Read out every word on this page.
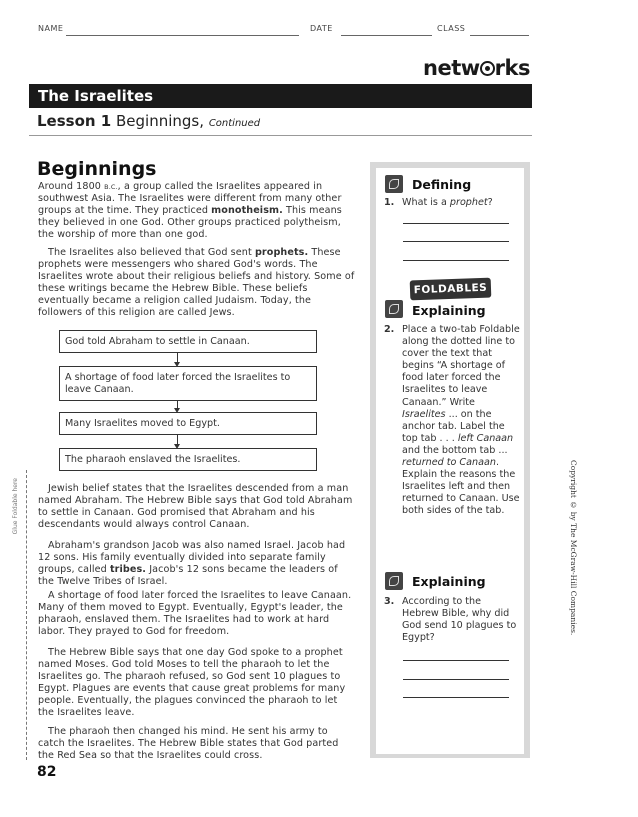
NAME	DATE	CLASS
netw rks
The Israelites
Lesson 1 Beginnings, Continued
Beginnings
Around 1800 B.C., a group called the Israelites appeared in southwest Asia. The Israelites were different from many other groups at the time. They practiced monotheism. This means they believed in one God. Other groups practiced polytheism, the worship of more than one god.
The Israelites also believed that God sent prophets. These prophets were messengers who shared God's words. The Israelites wrote about their religious beliefs and history. Some of these writings became the Hebrew Bible. These beliefs eventually became a religion called Judaism. Today, the followers of this religion are called Jews.
God told Abraham to settle in Canaan.
A shortage of food later forced the Israelites to leave Canaan.
Many Israelites moved to Egypt.
The pharaoh enslaved the Israelites.
Jewish belief states that the Israelites descended from a man named Abraham. The Hebrew Bible says that God told Abraham to settle in Canaan. God promised that Abraham and his descendants would always control Canaan.
Abraham's grandson Jacob was also named Israel. Jacob had 12 sons. His family eventually divided into separate family groups, called tribes. Jacob's 12 sons became the leaders of the Twelve Tribes of Israel.
A shortage of food later forced the Israelites to leave Canaan. Many of them moved to Egypt. Eventually, Egypt's leader, the pharaoh, enslaved them. The Israelites had to work at hard labor. They prayed to God for freedom.
The Hebrew Bible says that one day God spoke to a prophet named Moses. God told Moses to tell the pharaoh to let the Israelites go. The pharaoh refused, so God sent 10 plagues to Egypt. Plagues are events that cause great problems for many people. Eventually, the plagues convinced the pharaoh to let the Israelites leave.
The pharaoh then changed his mind. He sent his army to catch the Israelites. The Hebrew Bible states that God parted the Red Sea so that the Israelites could cross.
Glue Foldable here	Copyright © by The McGraw-Hill Companies.
Defining
1. What is a prophet?
FOLDABLES
Explaining
2. Place a two-tab Foldable along the dotted line to cover the text that begins “A shortage of food later forced the Israelites to leave Canaan.” Write Israelites ... on the anchor tab. Label the top tab . . . left Canaan and the bottom tab ... returned to Canaan. Explain the reasons the Israelites left and then returned to Canaan. Use both sides of the tab.
Explaining
3. According to the Hebrew Bible, why did God send 10 plagues to Egypt?
82
